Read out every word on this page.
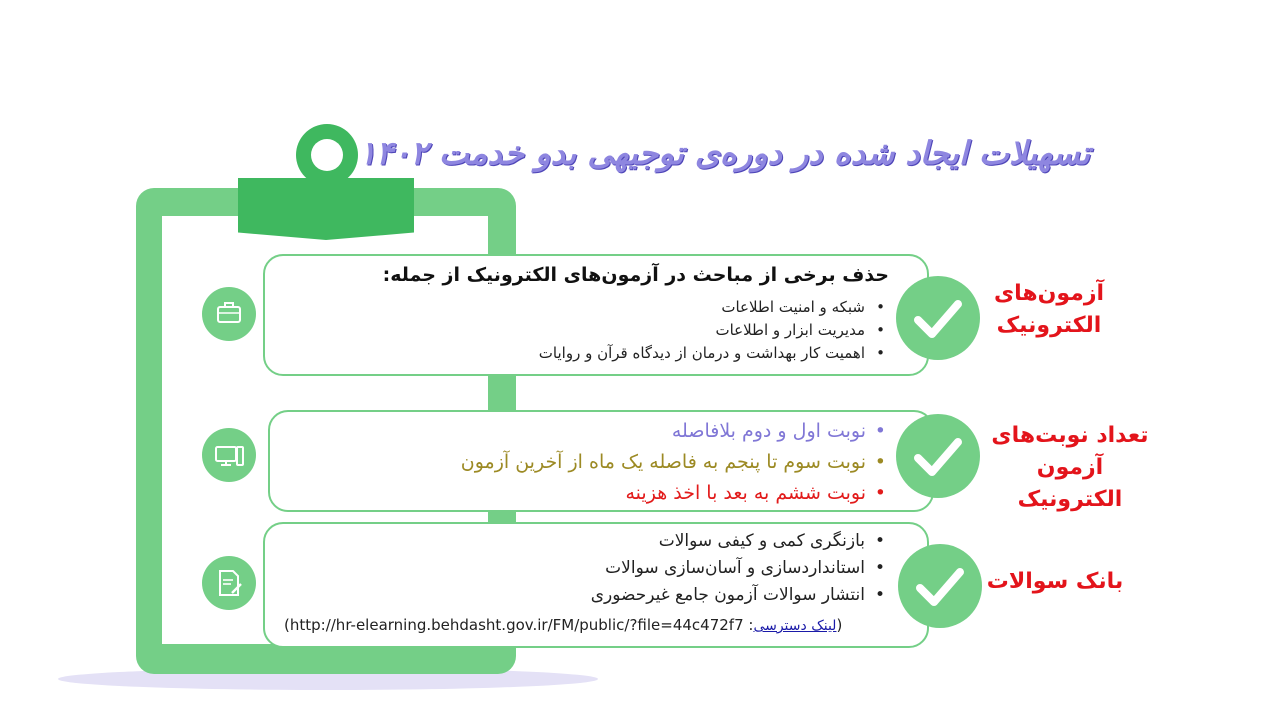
تسهیلات ایجاد شده در دوره‌ی توجیهی بدو خدمت ۱۴۰۲
حذف برخی از مباحث در آزمون‌های الکترونیک از جمله:
• شبکه و امنیت اطلاعات
• مدیریت ابزار و اطلاعات
• اهمیت کار بهداشت و درمان از دیدگاه قرآن و روایات
آزمون‌های الکترونیک
• نوبت اول و دوم بلافاصله
• نوبت سوم تا پنجم به فاصله یک ماه از آخرین آزمون
• نوبت ششم به بعد با اخذ هزینه
تعداد نوبت‌های آزمون الکترونیک
• بازنگری کمی و کیفی سوالات
• استانداردسازی و آسان‌سازی سوالات
• انتشار سوالات آزمون جامع غیرحضوری
(http://hr-elearning.behdasht.gov.ir/FM/public/?file=44c472f7 :لینک دسترسی)
بانک سوالات
